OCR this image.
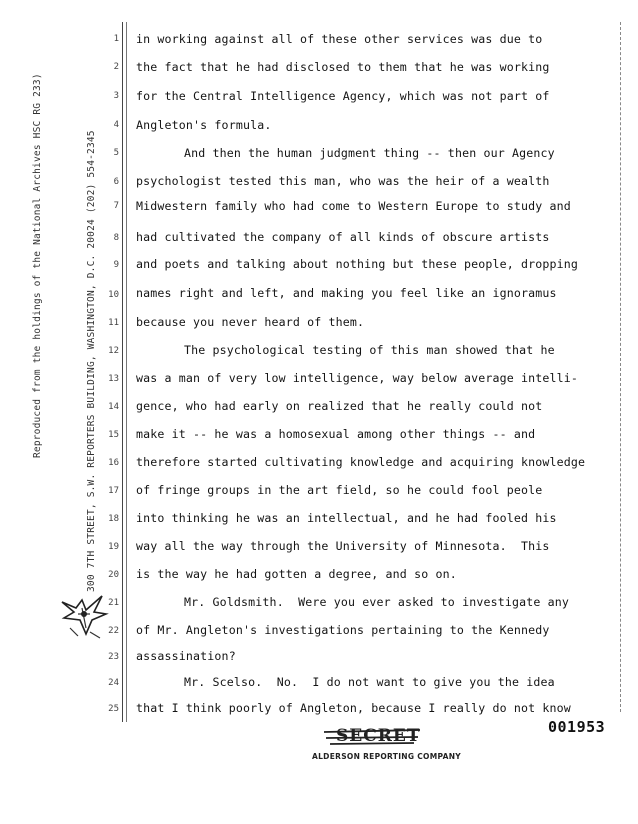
Reproduced from the holdings of the National Archives HSC RG 233)	300 7TH STREET, S.W. REPORTERS BUILDING, WASHINGTON, D.C. 20024 (202) 554-2345
1
2
3
4
5
6
7
8
9
10
11
12
13
14
15
16
17
18
19
20
21
22
23
24
25
in working against all of these other services was due to
the fact that he had disclosed to them that he was working
for the Central Intelligence Agency, which was not part of
Angleton's formula.
And then the human judgment thing -- then our Agency
psychologist tested this man, who was the heir of a wealth
Midwestern family who had come to Western Europe to study and
had cultivated the company of all kinds of obscure artists
and poets and talking about nothing but these people, dropping
names right and left, and making you feel like an ignoramus
because you never heard of them.
The psychological testing of this man showed that he
was a man of very low intelligence, way below average intelli-
gence, who had early on realized that he really could not
make it -- he was a homosexual among other things -- and
therefore started cultivating knowledge and acquiring knowledge
of fringe groups in the art field, so he could fool peole
into thinking he was an intellectual, and he had fooled his
way all the way through the University of Minnesota.  This
is the way he had gotten a degree, and so on.
Mr. Goldsmith.  Were you ever asked to investigate any
of Mr. Angleton's investigations pertaining to the Kennedy
assassination?
Mr. Scelso.  No.  I do not want to give you the idea
that I think poorly of Angleton, because I really do not know
001953
SECRET
ALDERSON REPORTING COMPANY
